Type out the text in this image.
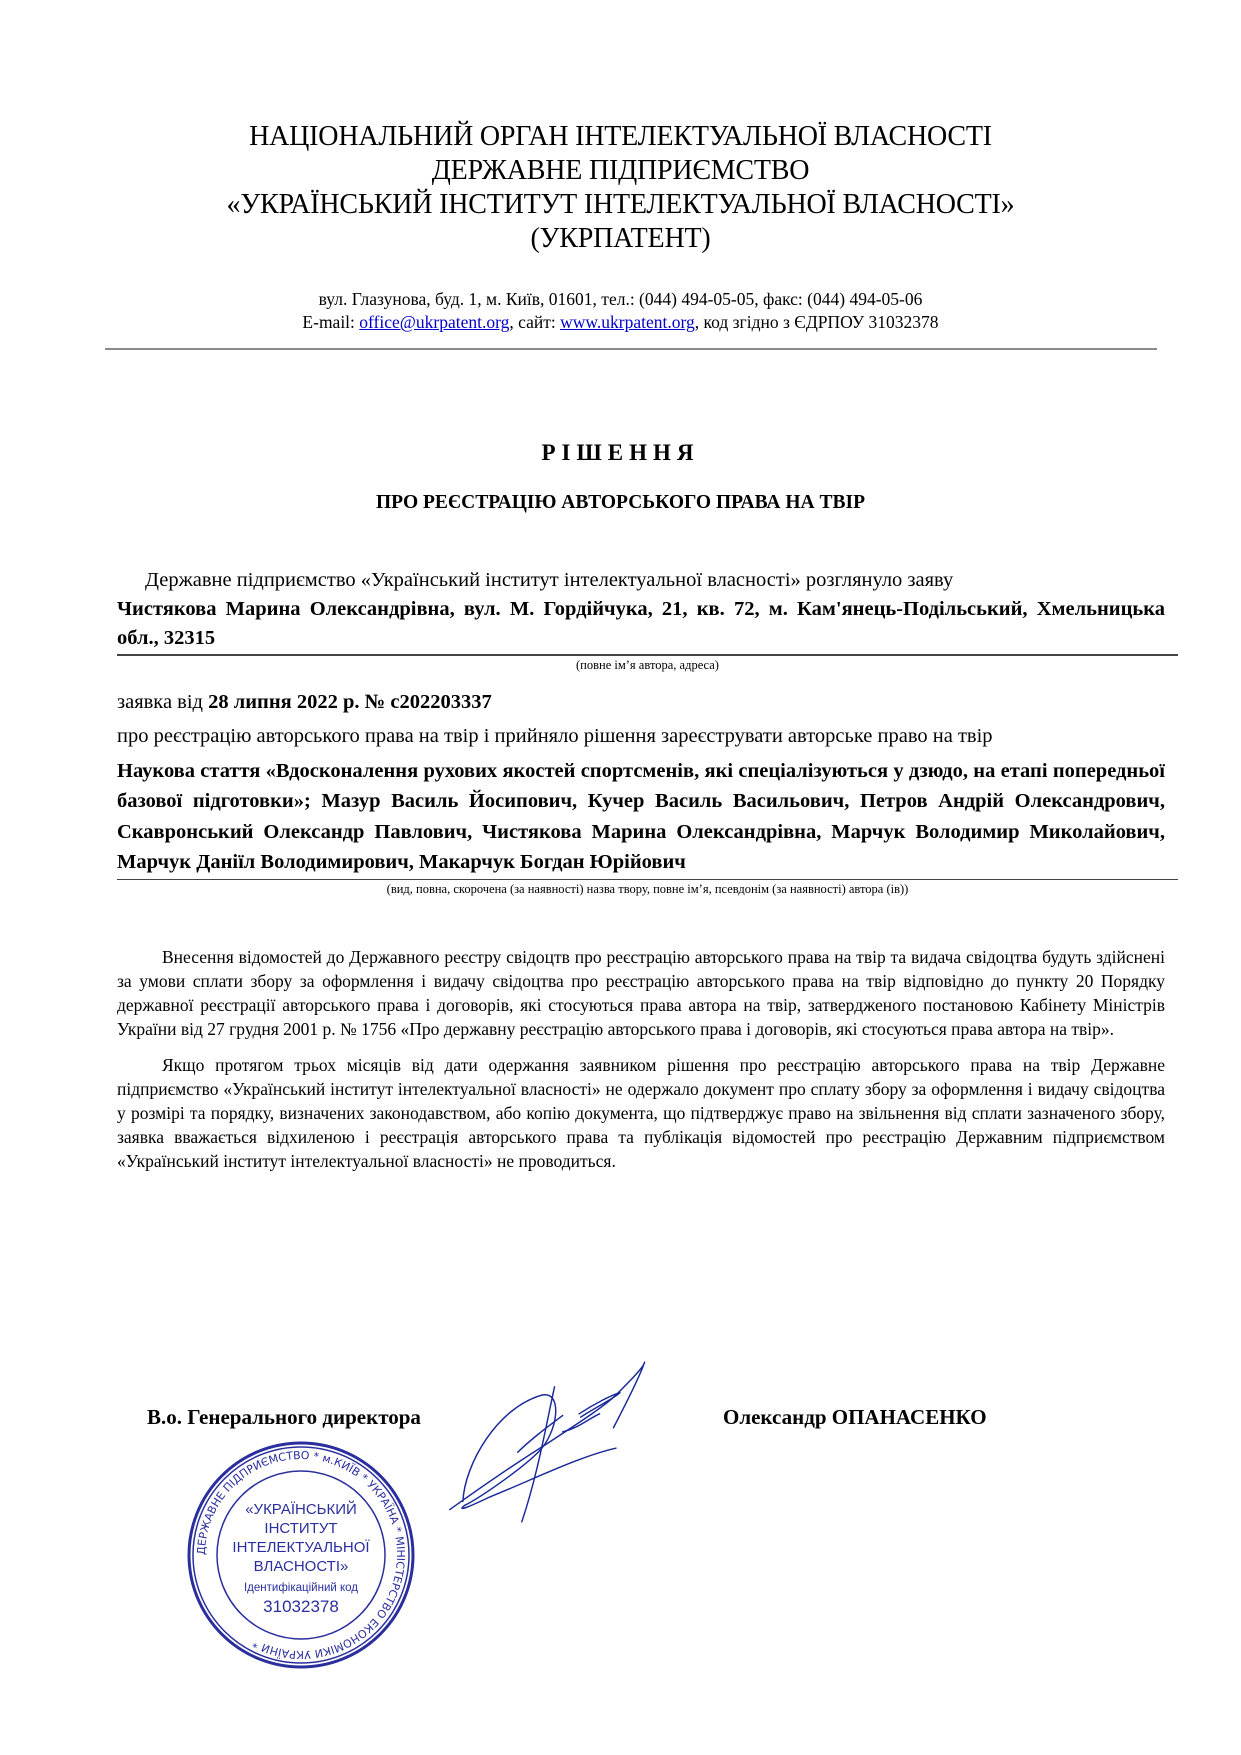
НАЦІОНАЛЬНИЙ ОРГАН ІНТЕЛЕКТУАЛЬНОЇ ВЛАСНОСТІ
ДЕРЖАВНЕ ПІДПРИЄМСТВО
«УКРАЇНСЬКИЙ ІНСТИТУТ ІНТЕЛЕКТУАЛЬНОЇ ВЛАСНОСТІ»
(УКРПАТЕНТ)
вул. Глазунова, буд. 1, м. Київ, 01601, тел.: (044) 494-05-05, факс: (044) 494-05-06
E-mail: office@ukrpatent.org, сайт: www.ukrpatent.org, код згідно з ЄДРПОУ 31032378
РІШЕННЯ
ПРО РЕЄСТРАЦІЮ АВТОРСЬКОГО ПРАВА НА ТВІР
Державне підприємство «Український інститут інтелектуальної власності» розглянуло заяву
Чистякова Марина Олександрівна, вул. М. Гордійчука, 21, кв. 72, м. Кам'янець-Подільський, Хмельницька обл., 32315
(повне ім’я автора, адреса)
заявка від 28 липня 2022 р. № с202203337
про реєстрацію авторського права на твір і прийняло рішення зареєструвати авторське право на твір
Наукова стаття «Вдосконалення рухових якостей спортсменів, які спеціалізуються у дзюдо, на етапі попередньої базової підготовки»; Мазур Василь Йосипович, Кучер Василь Васильович, Петров Андрій Олександрович, Скавронський Олександр Павлович, Чистякова Марина Олександрівна, Марчук Володимир Миколайович, Марчук Даніїл Володимирович, Макарчук Богдан Юрійович
(вид, повна, скорочена (за наявності) назва твору, повне ім’я, псевдонім (за наявності) автора (ів))
Внесення відомостей до Державного реєстру свідоцтв про реєстрацію авторського права на твір та видача свідоцтва будуть здійснені за умови сплати збору за оформлення і видачу свідоцтва про реєстрацію авторського права на твір відповідно до пункту 20 Порядку державної реєстрації авторського права і договорів, які стосуються права автора на твір, затвердженого постановою Кабінету Міністрів України від 27 грудня 2001 р. № 1756 «Про державну реєстрацію авторського права і договорів, які стосуються права автора на твір».
Якщо протягом трьох місяців від дати одержання заявником рішення про реєстрацію авторського права на твір Державне підприємство «Український інститут інтелектуальної власності» не одержало документ про сплату збору за оформлення і видачу свідоцтва у розмірі та порядку, визначених законодавством, або копію документа, що підтверджує право на звільнення від сплати зазначеного збору, заявка вважається відхиленою і реєстрація авторського права та публікація відомостей про реєстрацію Державним підприємством «Український інститут інтелектуальної власності» не проводиться.
В.о. Генерального директора	Олександр ОПАНАСЕНКО
ДЕРЖАВНЕ ПІДПРИЄМСТВО * м.КИЇВ * УКРАЇНА * МІНІСТЕРСТВО ЕКОНОМІКИ УКРАЇНИ *
«УКРАЇНСЬКИЙ
ІНСТИТУТ
ІНТЕЛЕКТУАЛЬНОЇ
ВЛАСНОСТІ»
Ідентифікаційний код
31032378
